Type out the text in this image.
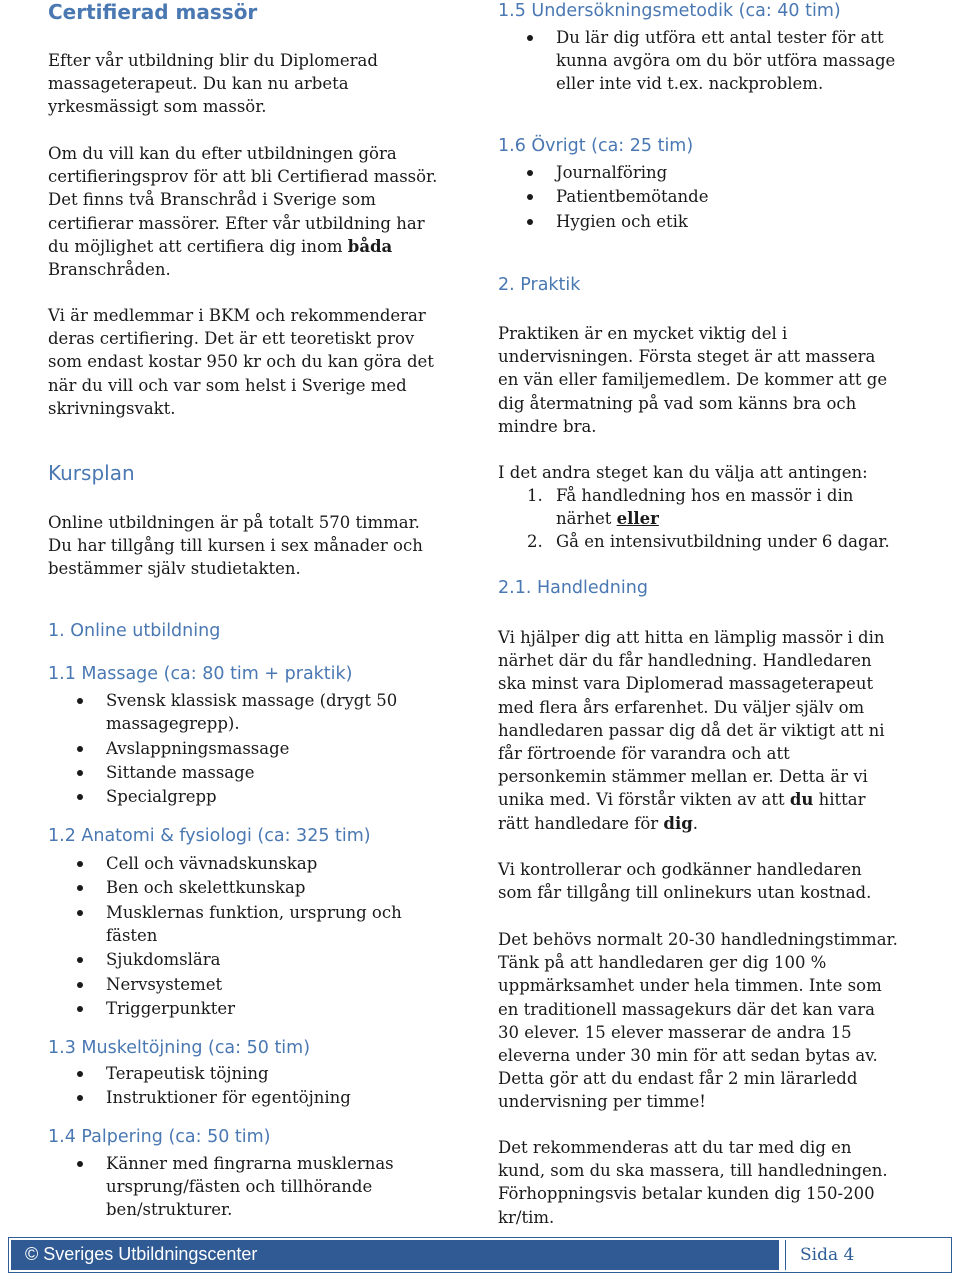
Certifierad massör
Efter vår utbildning blir du Diplomerad
massageterapeut. Du kan nu arbeta
yrkesmässigt som massör.
Om du vill kan du efter utbildningen göra
certifieringsprov för att bli Certifierad massör.
Det finns två Branschråd i Sverige som
certifierar massörer. Efter vår utbildning har
du möjlighet att certifiera dig inom båda
Branschråden.
Vi är medlemmar i BKM och rekommenderar
deras certifiering. Det är ett teoretiskt prov
som endast kostar 950 kr och du kan göra det
när du vill och var som helst i Sverige med
skrivningsvakt.
Kursplan
Online utbildningen är på totalt 570 timmar.
Du har tillgång till kursen i sex månader och
bestämmer själv studietakten.
1. Online utbildning
1.1 Massage (ca: 80 tim + praktik)
Svensk klassisk massage (drygt 50 massagegrepp).
Avslappningsmassage
Sittande massage
Specialgrepp
1.2 Anatomi & fysiologi (ca: 325 tim)
Cell och vävnadskunskap
Ben och skelettkunskap
Musklernas funktion, ursprung och fästen
Sjukdomslära
Nervsystemet
Triggerpunkter
1.3 Muskeltöjning (ca: 50 tim)
Terapeutisk töjning
Instruktioner för egentöjning
1.4 Palpering (ca: 50 tim)
Känner med fingrarna musklernas ursprung/fästen och tillhörande ben/strukturer.
1.5 Undersökningsmetodik (ca: 40 tim)
Du lär dig utföra ett antal tester för att kunna avgöra om du bör utföra massage eller inte vid t.ex. nackproblem.
1.6 Övrigt (ca: 25 tim)
Journalföring
Patientbemötande
Hygien och etik
2. Praktik
Praktiken är en mycket viktig del i undervisningen. Första steget är att massera en vän eller familjemedlem. De kommer att ge dig återmatning på vad som känns bra och mindre bra.
I det andra steget kan du välja att antingen:
1. Få handledning hos en massör i din närhet eller
2. Gå en intensivutbildning under 6 dagar.
2.1. Handledning
Vi hjälper dig att hitta en lämplig massör i din närhet där du får handledning. Handledaren ska minst vara Diplomerad massageterapeut med flera års erfarenhet. Du väljer själv om handledaren passar dig då det är viktigt att ni får förtroende för varandra och att personkemin stämmer mellan er. Detta är vi unika med. Vi förstår vikten av att du hittar rätt handledare för dig.
Vi kontrollerar och godkänner handledaren som får tillgång till onlinekurs utan kostnad.
Det behövs normalt 20-30 handledningstimmar. Tänk på att handledaren ger dig 100 % uppmärksamhet under hela timmen. Inte som en traditionell massagekurs där det kan vara 30 elever. 15 elever masserar de andra 15 eleverna under 30 min för att sedan bytas av. Detta gör att du endast får 2 min lärarledd undervisning per timme!
Det rekommenderas att du tar med dig en kund, som du ska massera, till handledningen. Förhoppningsvis betalar kunden dig 150-200 kr/tim.
© Sveriges Utbildningscenter	Sida 4
